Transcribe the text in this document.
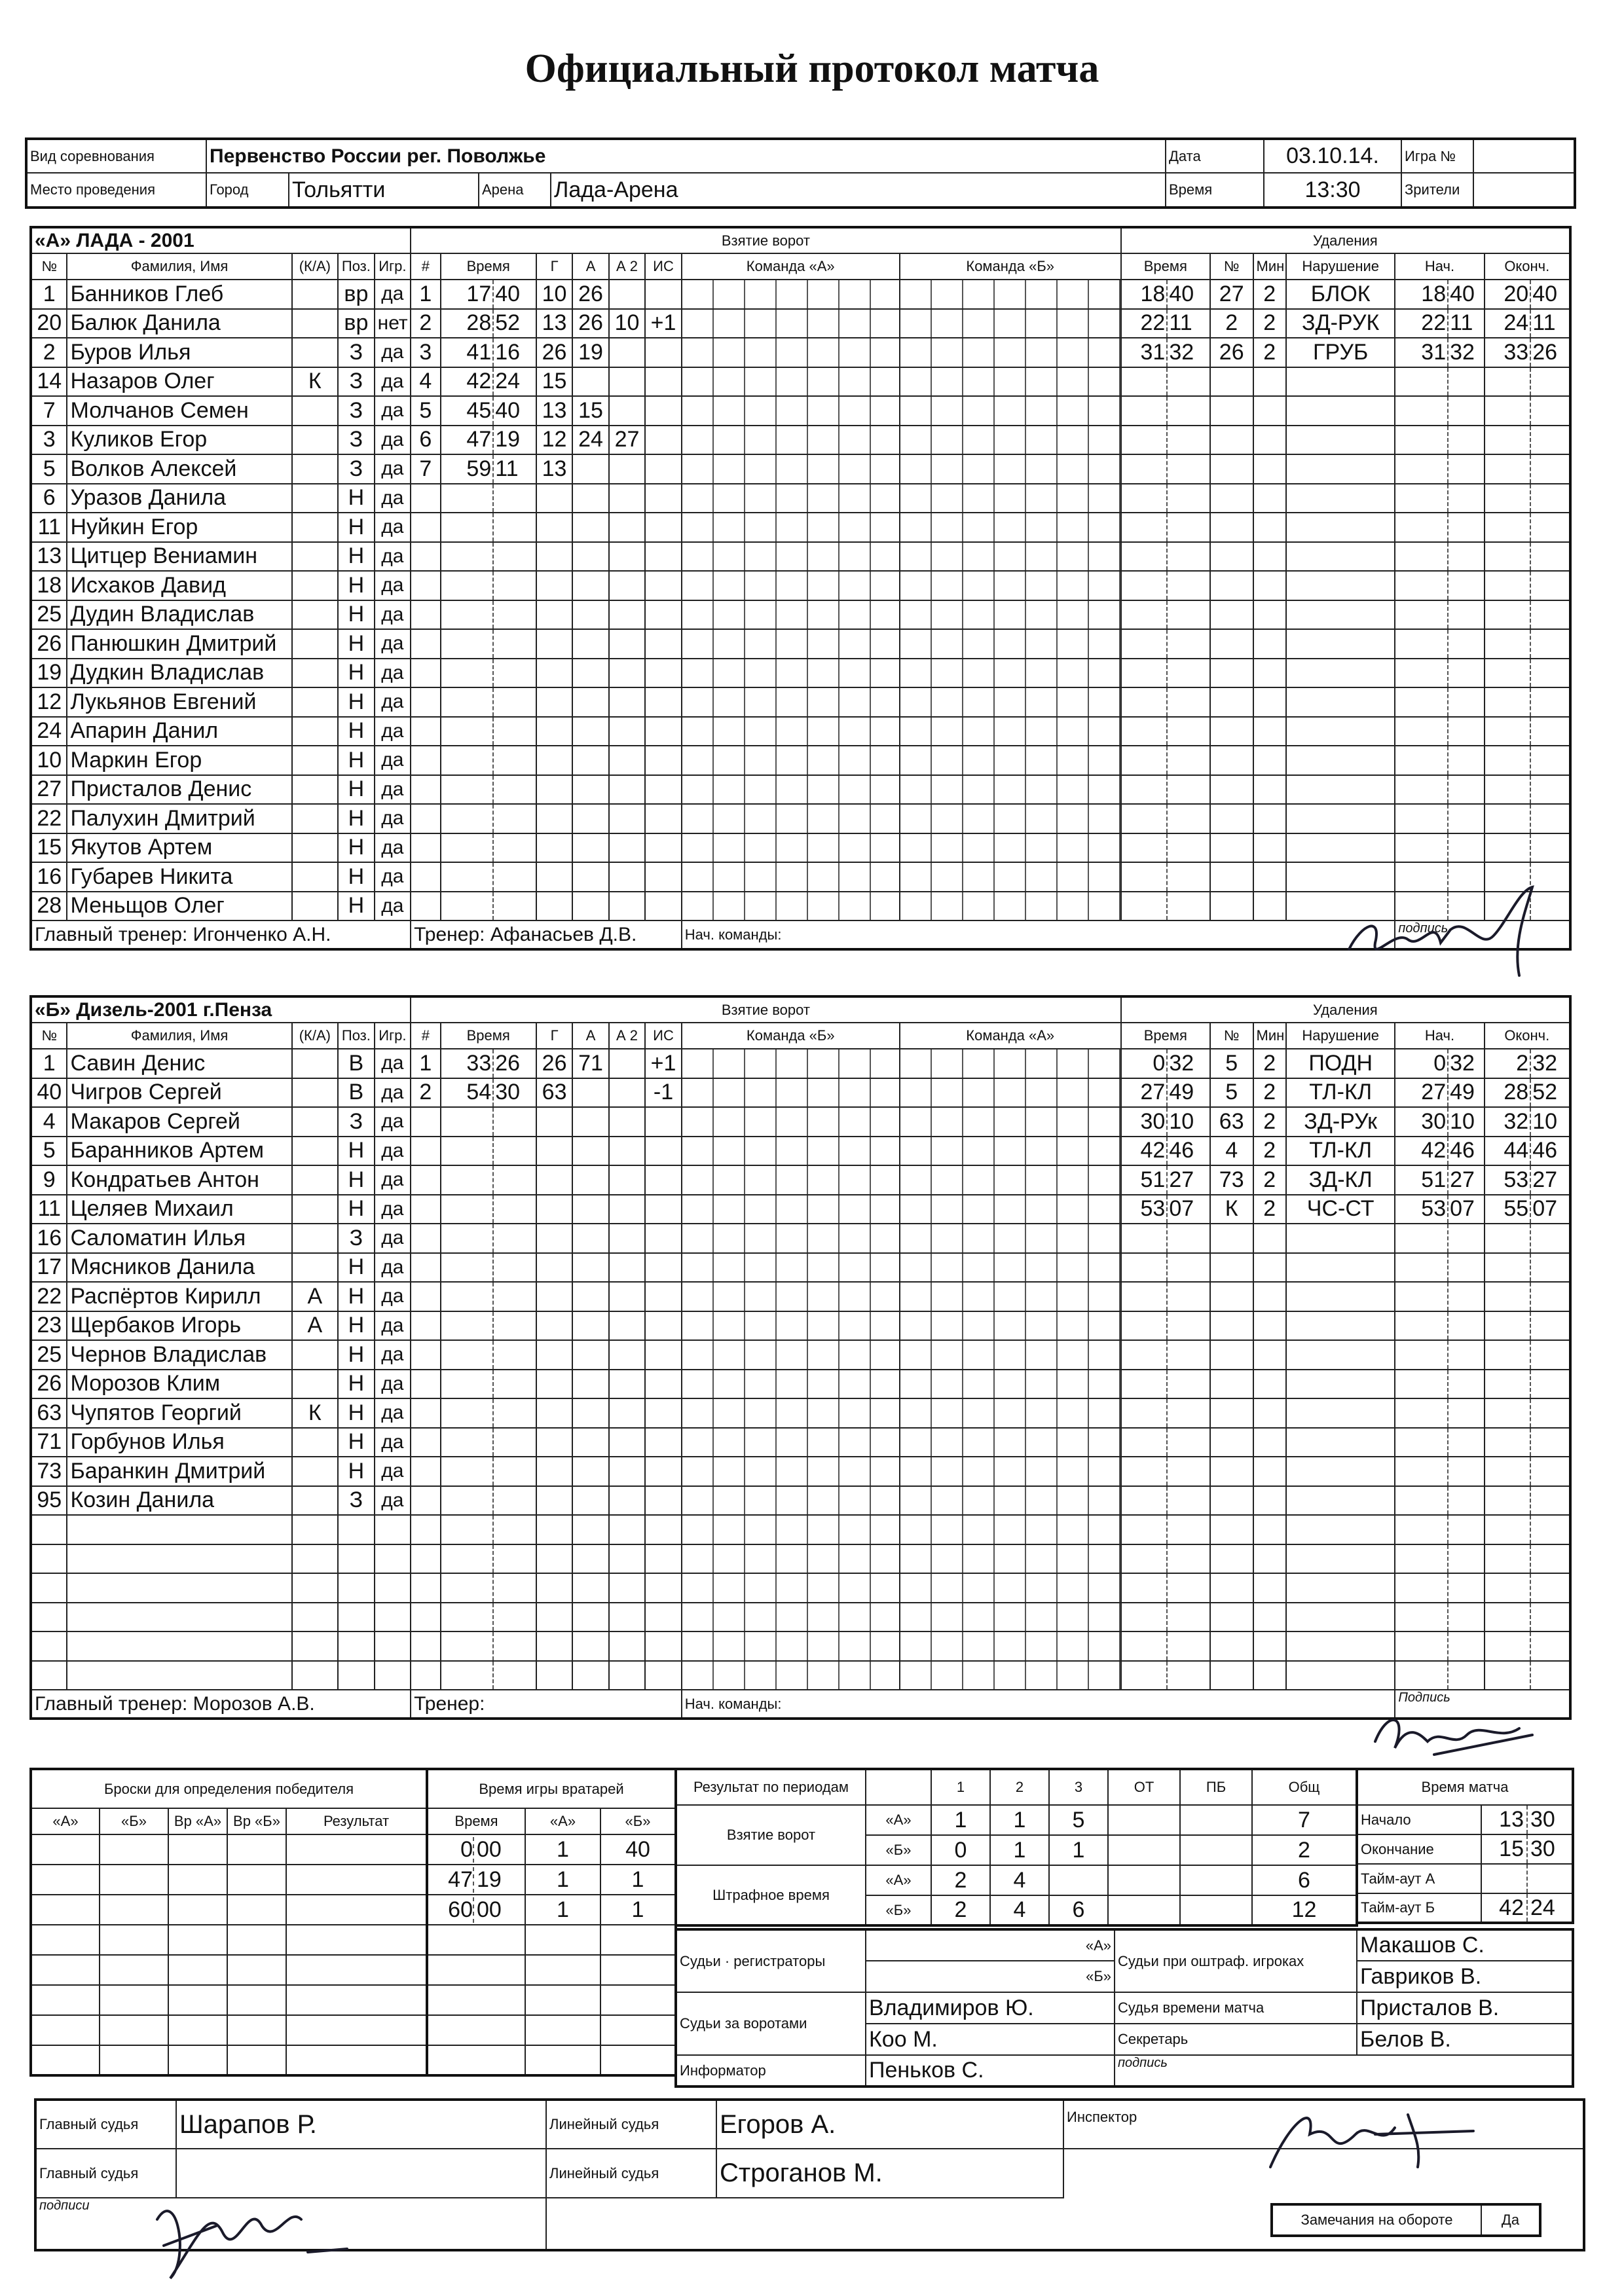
Официальный протокол матча
Вид соревнования	Первенство России рег. Поволжье	Дата	03.10.14.	Игра №	
Место проведения		Город	Тольятти	Арена	Лада-Арена
		Время	13:30	Зрители	
«А» ЛАДА - 2001					Взятие ворот									Удаления								
№	Фамилия, Имя	(К/А)	Поз.	Игр.	#	Время		Г	А	А 2	ИС	Команда «А»	Команда «Б»	Время		№	Мин	Нарушение	Нач.		Оконч.	
1	Банников Глеб		вр	да	1	17	40	10	26					18	40	27	2	БЛОК	18	40	20	40
20	Балюк Данила		вр	нет	2	28	52	13	26	10	+1			22	11	2	2	ЗД-РУК	22	11	24	11
2	Буров Илья		З	да	3	41	16	26	19					31	32	26	2	ГРУБ	31	32	33	26
14	Назаров Олег	К	З	да	4	42	24	15														
7	Молчанов Семен		З	да	5	45	40	13	15													
3	Куликов Егор		З	да	6	47	19	12	24	27												
5	Волков Алексей		З	да	7	59	11	13														
6	Уразов Данила		Н	да																		
11	Нуйкин Егор		Н	да																		
13	Цитцер Вениамин		Н	да																		
18	Исхаков Давид		Н	да																		
25	Дудин Владислав		Н	да																		
26	Панюшкин Дмитрий		Н	да																		
19	Дудкин Владислав		Н	да																		
12	Лукьянов Евгений		Н	да																		
24	Апарин Данил		Н	да																		
10	Маркин Егор		Н	да																		
27	Присталов Денис		Н	да																		
22	Палухин Дмитрий		Н	да																		
15	Якутов Артем		Н	да																		
16	Губарев Никита		Н	да																		
28	Меньщов Олег		Н	да																		
Главный тренер: Игонченко А.Н.					Тренер: Афанасьев Д.В.							Нач. команды:							подпись			
«Б» Дизель-2001 г.Пенза					Взятие ворот									Удаления								
№	Фамилия, Имя	(К/А)	Поз.	Игр.	#	Время		Г	А	А 2	ИС	Команда «Б»	Команда «А»	Время		№	Мин	Нарушение	Нач.		Оконч.	
1	Савин Денис		В	да	1	33	26	26	71		+1			0	32	5	2	ПОДН	0	32	2	32
40	Чигров Сергей		В	да	2	54	30	63			-1			27	49	5	2	ТЛ-КЛ	27	49	28	52
4	Макаров Сергей		З	да										30	10	63	2	ЗД-РУк	30	10	32	10
5	Баранников Артем		Н	да										42	46	4	2	ТЛ-КЛ	42	46	44	46
9	Кондратьев Антон		Н	да										51	27	73	2	ЗД-КЛ	51	27	53	27
11	Целяев Михаил		Н	да										53	07	К	2	ЧС-СТ	53	07	55	07
16	Саломатин Илья		З	да																		
17	Мясников Данила		Н	да																		
22	Распёртов Кирилл	А	Н	да																		
23	Щербаков Игорь	А	Н	да																		
25	Чернов Владислав		Н	да																		
26	Морозов Клим		Н	да																		
63	Чупятов Георгий	К	Н	да																		
71	Горбунов Илья		Н	да																		
73	Баранкин Дмитрий		Н	да																		
95	Козин Данила		З	да																		

Главный тренер: Морозов А.В.					Тренер:							Нач. команды:							Подпись			
Броски для определения победителя				
«А»	«Б»	Вр «А»	Вр «Б»	Результат

Время игры вратарей		
Время	«А»	«Б»
0 00	1	40
47 19	1	1
60 00	1	1

Результат по периодам		1	2	3	ОТ	ПБ	Общ
Взятие ворот	«А»	1	1	5			7
	«Б»	0	1	1			2
Штрафное время	«А»	2	4				6
	«Б»	2	4	6			12
Время матча		
Начало	13	30
Окончание	15	30
Тайм-аут А		
Тайм-аут Б	42	24
Судьи · регистраторы	«А»	Судьи при оштраф. игроках	Макашов С.

	«Б»		Гавриков В.
Судьи за воротами	Владимиров Ю.	Судья времени матча	Присталов В.
	Коо М.	Секретарь	Белов В.
Информатор	Пеньков С.	подпись	
Главный судья	Шарапов Р.	Линейный судья	Егоров А.	Инспектор
Главный судья		Линейный судья	Строганов М.	
подписи				
Замечания на обороте	Да
